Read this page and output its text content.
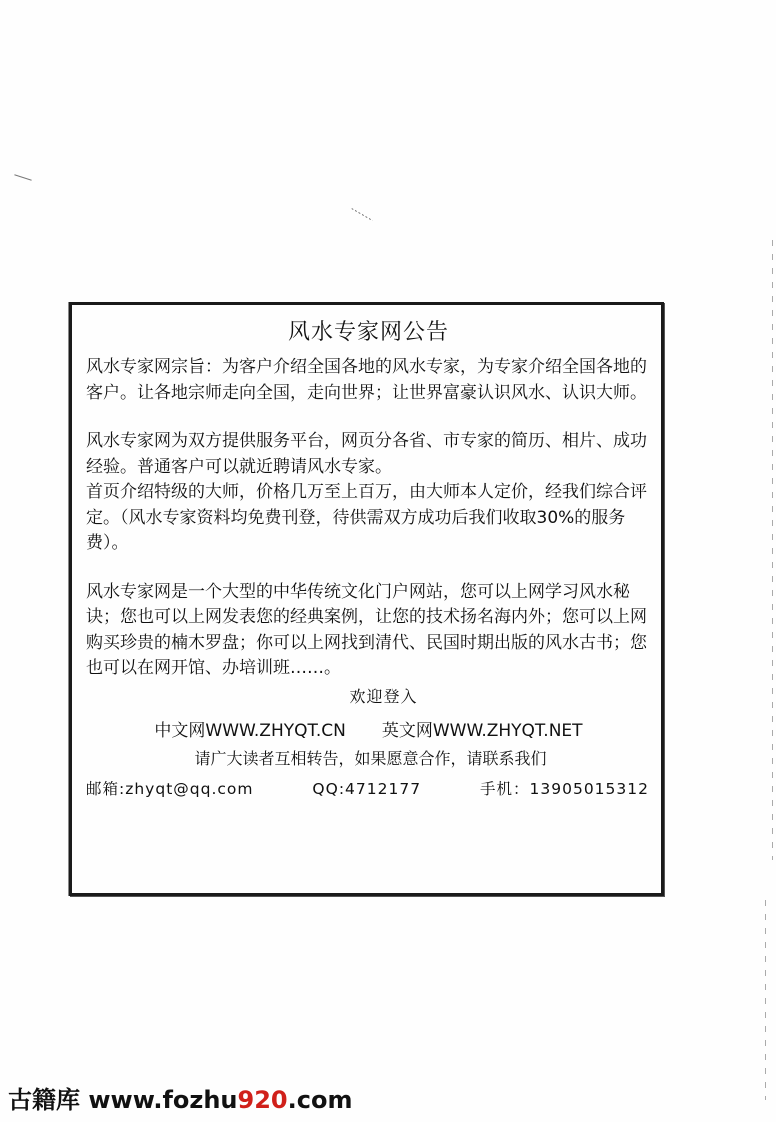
风水专家网公告

风水专家网宗旨：为客户介绍全国各地的风水专家，为专家介绍全国各地的客户。让各地宗师走向全国，走向世界；让世界富豪认识风水、认识大师。

风水专家网为双方提供服务平台，网页分各省、市专家的简历、相片、成功经验。普通客户可以就近聘请风水专家。

首页介绍特级的大师，价格几万至上百万，由大师本人定价，经我们综合评定。（风水专家资料均免费刊登，待供需双方成功后我们收取30%的服务费）。

风水专家网是一个大型的中华传统文化门户网站，您可以上网学习风水秘诀；您也可以上网发表您的经典案例，让您的技术扬名海内外；您可以上网购买珍贵的楠木罗盘；你可以上网找到清代、民国时期出版的风水古书；您也可以在网开馆、办培训班……。

欢迎登入
中文网WWW.ZHYQT.CN 英文网WWW.ZHYQT.NET
请广大读者互相转告，如果愿意合作，请联系我们
邮箱:zhyqt@qq.com	QQ:4712177	手机：13905015312
古籍库 www.fozhu920.com
